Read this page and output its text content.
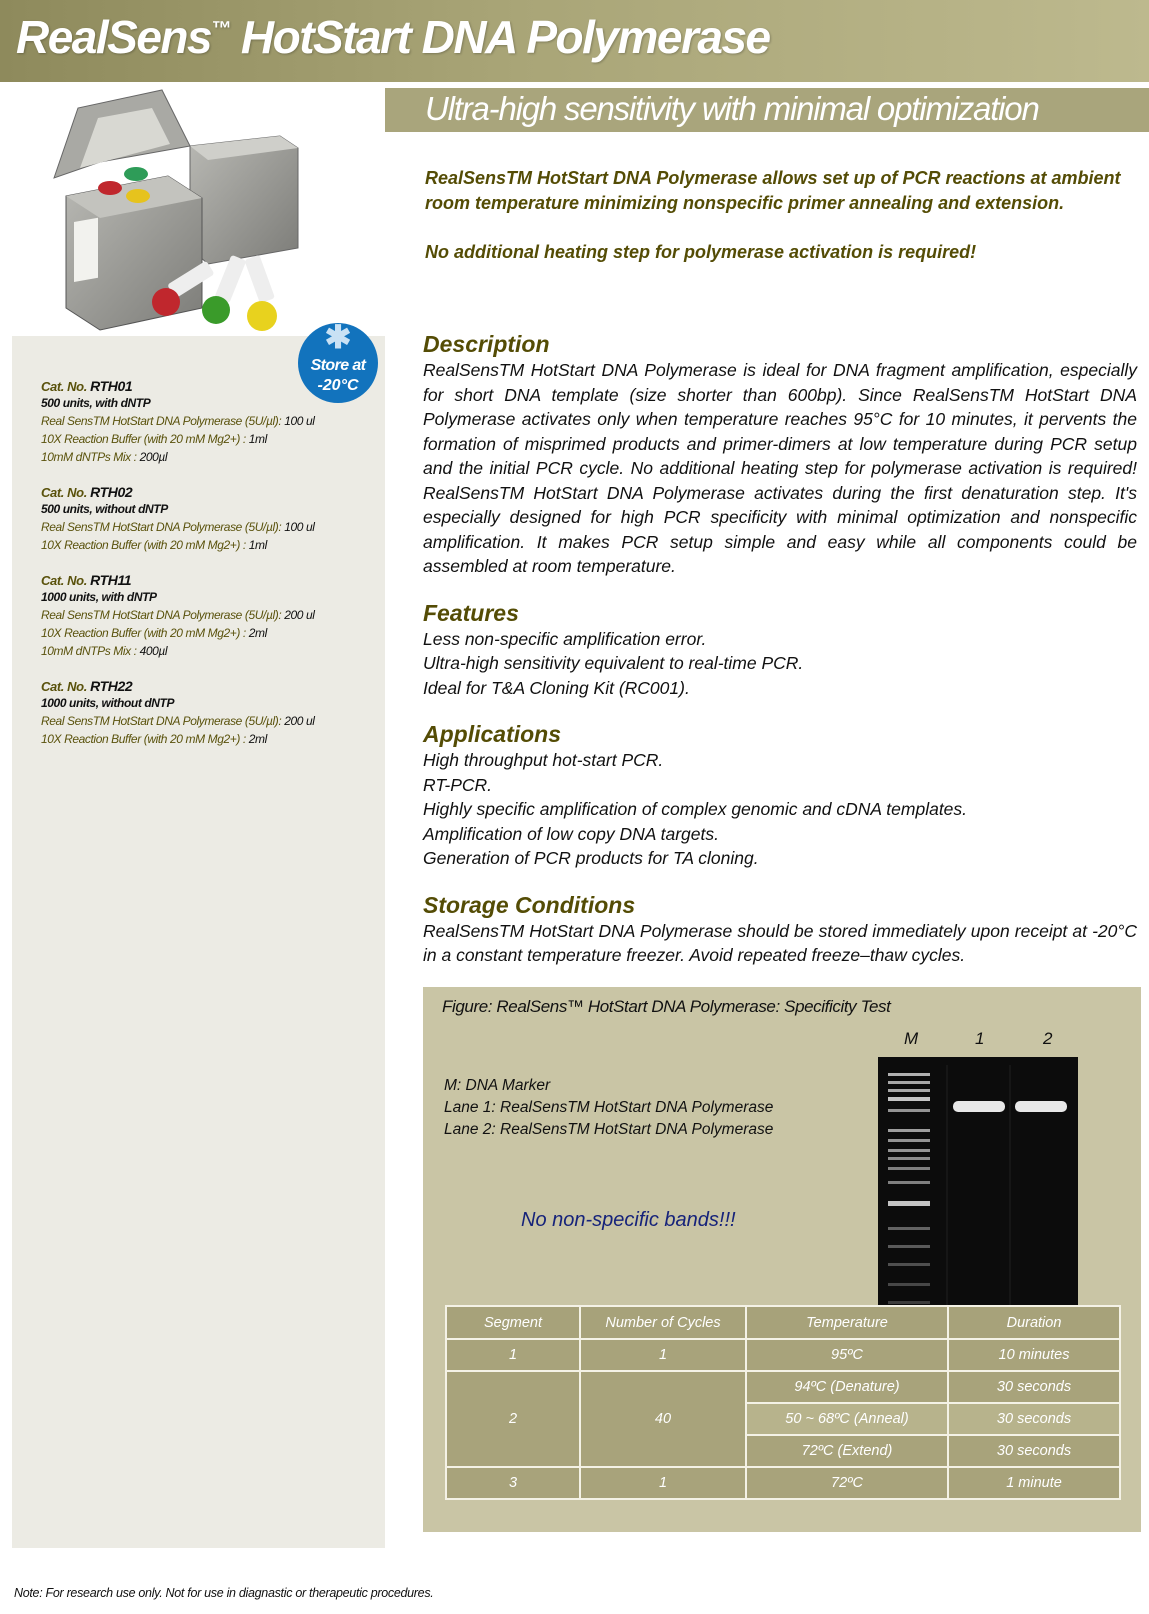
RealSens™ HotStart DNA Polymerase
Ultra-high sensitivity with minimal optimization

RealSensTM HotStart DNA Polymerase allows set up of PCR reactions at ambient room temperature minimizing nonspecific primer annealing and extension.

No additional heating step for polymerase activation is required!

✱
Store at
-20°C
Cat. No. RTH01
500 units, with dNTP
Real SensTM HotStart DNA Polymerase (5U/µl): 100 ul
10X Reaction Buffer (with 20 mM Mg2+) : 1ml
10mM dNTPs Mix : 200µl
Cat. No. RTH02
500 units, without dNTP
Real SensTM HotStart DNA Polymerase (5U/µl): 100 ul
10X Reaction Buffer (with 20 mM Mg2+) : 1ml
Cat. No. RTH11
1000 units, with dNTP
Real SensTM HotStart DNA Polymerase (5U/µl): 200 ul
10X Reaction Buffer (with 20 mM Mg2+) : 2ml
10mM dNTPs Mix : 400µl
Cat. No. RTH22
1000 units, without dNTP
Real SensTM HotStart DNA Polymerase (5U/µl): 200 ul
10X Reaction Buffer (with 20 mM Mg2+) : 2ml
Description
RealSensTM HotStart DNA Polymerase is ideal for DNA fragment amplification, especially for short DNA template (size shorter than 600bp). Since RealSensTM HotStart DNA Polymerase activates only when temperature reaches 95°C for 10 minutes, it pervents the formation of misprimed products and primer-dimers at low temperature during PCR setup and the initial PCR cycle. No additional heating step for polymerase activation is required! RealSensTM HotStart DNA Polymerase activates during the first denaturation step. It's especially designed for high PCR specificity with minimal optimization and nonspecific amplification. It makes PCR setup simple and easy while all components could be assembled at room temperature.
Features
Less non-specific amplification error.
Ultra-high sensitivity equivalent to real-time PCR.
Ideal for T&A Cloning Kit (RC001).
Applications
High throughput hot-start PCR.
RT-PCR.
Highly specific amplification of complex genomic and cDNA templates.
Amplification of low copy DNA targets.
Generation of PCR products for TA cloning.
Storage Conditions
RealSensTM HotStart DNA Polymerase should be stored immediately upon receipt at -20°C in a constant temperature freezer. Avoid repeated freeze–thaw cycles.
Figure: RealSens™ HotStart DNA Polymerase: Specificity Test
M	1	2
M: DNA Marker
Lane 1: RealSensTM HotStart DNA Polymerase
Lane 2: RealSensTM HotStart DNA Polymerase
No non-specific bands!!!
Segment	Number of Cycles	Temperature	Duration
1	1	95ºC	10 minutes
2	40	94ºC (Denature)	30 seconds
		50 ~ 68ºC (Anneal)	30 seconds
		72ºC (Extend)	30 seconds
3	1	72ºC	1 minute
Note: For research use only. Not for use in diagnastic or therapeutic procedures.
